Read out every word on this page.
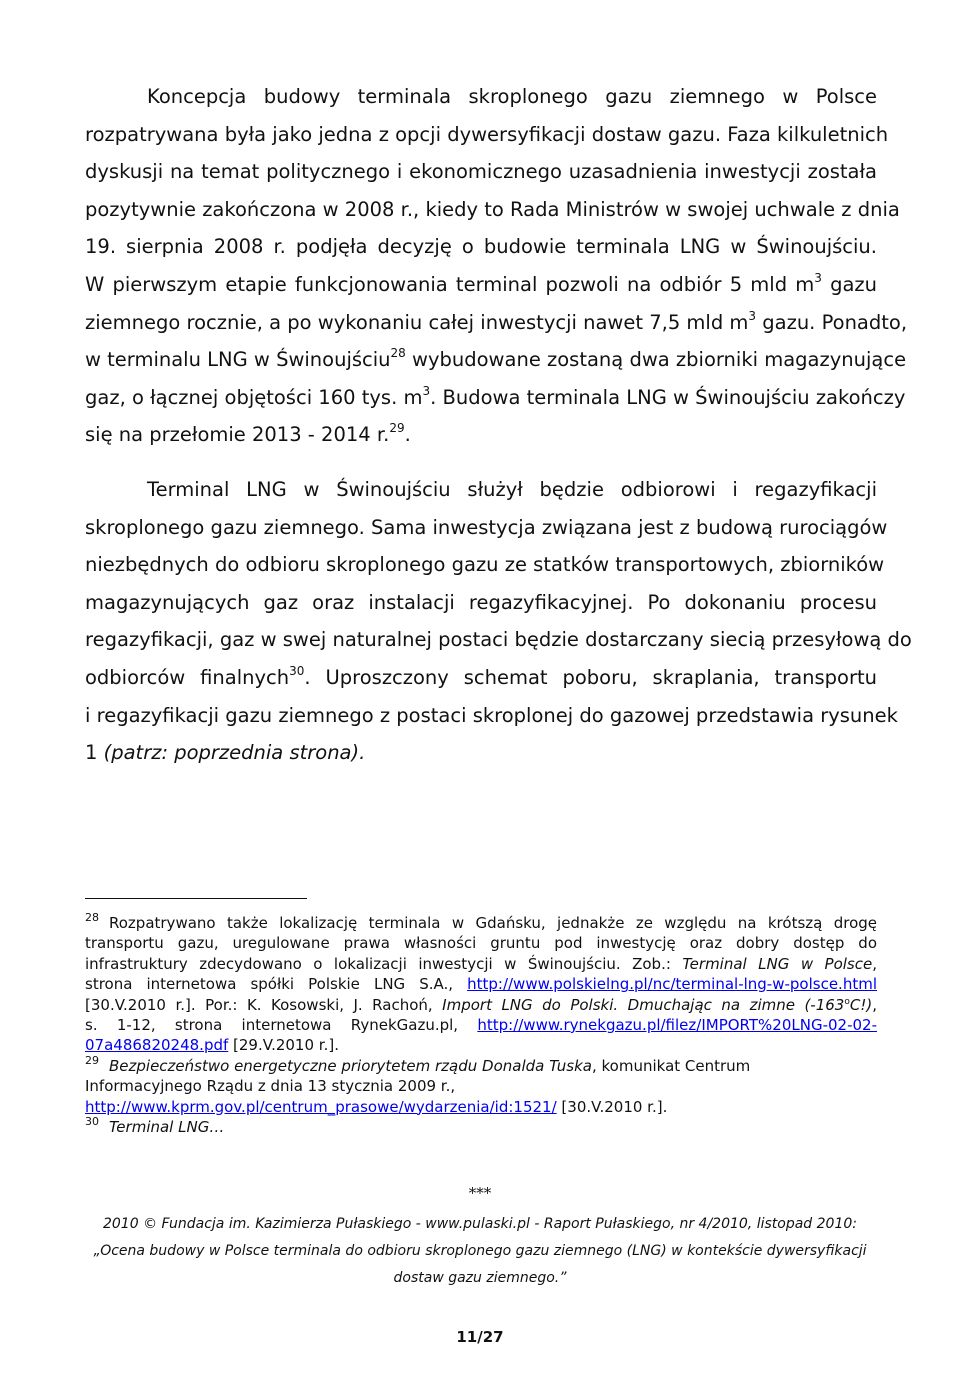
Koncepcja budowy terminala skroplonego gazu ziemnego w Polsce
rozpatrywana była jako jedna z opcji dywersyfikacji dostaw gazu. Faza kilkuletnich
dyskusji na temat politycznego i ekonomicznego uzasadnienia inwestycji została
pozytywnie zakończona w 2008 r., kiedy to Rada Ministrów w swojej uchwale z dnia
19. sierpnia 2008 r. podjęła decyzję o budowie terminala LNG w Świnoujściu.
W pierwszym etapie funkcjonowania terminal pozwoli na odbiór 5 mld $m^3$ gazu
ziemnego rocznie, a po wykonaniu całej inwestycji nawet 7,5 mld $m^3$ gazu. Ponadto,
w terminalu LNG w Świnoujściu$^{28}$ wybudowane zostaną dwa zbiorniki magazynujące
gaz, o łącznej objętości 160 tys. $m^3$. Budowa terminala LNG w Świnoujściu zakończy
się na przełomie 2013 - 2014 r.$^{29}$.
Terminal LNG w Świnoujściu służył będzie odbiorowi i regazyfikacji
skroplonego gazu ziemnego. Sama inwestycja związana jest z budową rurociągów
niezbędnych do odbioru skroplonego gazu ze statków transportowych, zbiorników
magazynujących gaz oraz instalacji regazyfikacyjnej. Po dokonaniu procesu
regazyfikacji, gaz w swej naturalnej postaci będzie dostarczany siecią przesyłową do
odbiorców finalnych$^{30}$. Uproszczony schemat poboru, skraplania, transportu
i regazyfikacji gazu ziemnego z postaci skroplonej do gazowej przedstawia rysunek
1 (patrz: poprzednia strona).
$^{28}$ Rozpatrywano także lokalizację terminala w Gdańsku, jednakże ze względu na krótszą drogę
transportu gazu, uregulowane prawa własności gruntu pod inwestycję oraz dobry dostęp do
infrastruktury zdecydowano o lokalizacji inwestycji w Świnoujściu. Zob.: Terminal LNG w Polsce,
strona internetowa spółki Polskie LNG S.A., http://www.polskielng.pl/nc/terminal-lng-w-polsce.html
[30.V.2010 r.]. Por.: K. Kosowski, J. Rachoń, Import LNG do Polski. Dmuchając na zimne (-163$^o$C!),
s. 1-12, strona internetowa RynekGazu.pl, http://www.rynekgazu.pl/filez/IMPORT%20LNG-02-02-
07a486820248.pdf [29.V.2010 r.].
$^{29}$ Bezpieczeństwo energetyczne priorytetem rządu Donalda Tuska, komunikat Centrum
Informacyjnego Rządu z dnia 13 stycznia 2009 r.,
http://www.kprm.gov.pl/centrum_prasowe/wydarzenia/id:1521/ [30.V.2010 r.].
$^{30}$ Terminal LNG…
***
2010 © Fundacja im. Kazimierza Pułaskiego - www.pulaski.pl - Raport Pułaskiego, nr 4/2010, listopad 2010:
„Ocena budowy w Polsce terminala do odbioru skroplonego gazu ziemnego (LNG) w kontekście dywersyfikacji
dostaw gazu ziemnego.”
11/27
